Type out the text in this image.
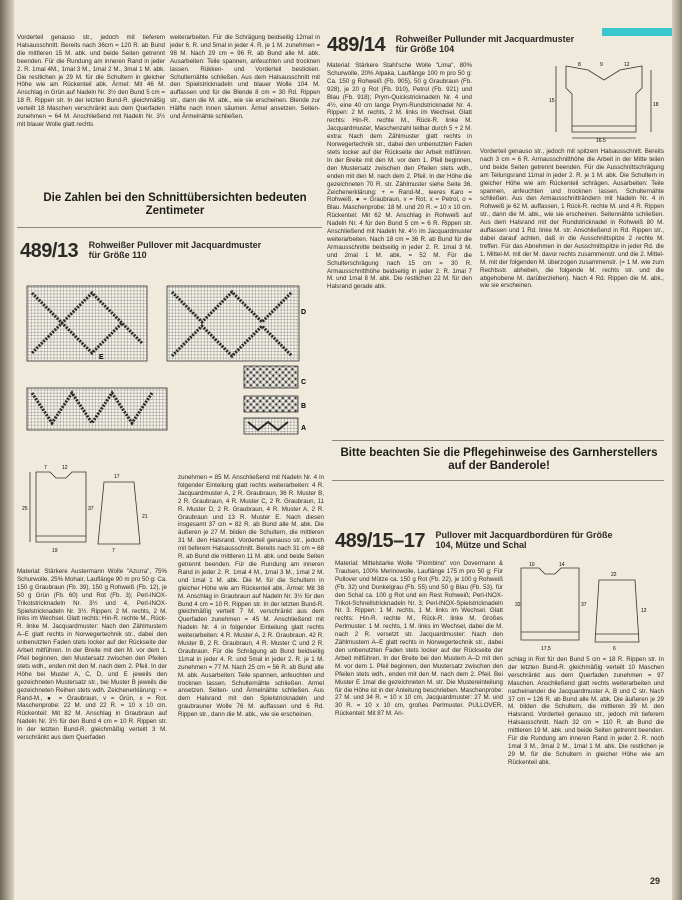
Vorderteil genauso str., jedoch mit tieferem Halsausschnitt. Bereits nach 36cm = 120 R. ab Bund die mittleren 15 M. abk. und beide Seiten getrennt beenden. Für die Rundung am inneren Rand in jeder 2. R. 1mal 4M., 1mal 3 M., 1mal 2 M., 3mal 1 M. abk. Die restlichen je 29 M. für die Schultern in gleicher Höhe wie am Rückenteil abk. Ärmel: Mit 46 M. Anschlag in Grün auf Nadeln Nr. 3½ den Bund 5 cm = 18 R. Rippen str. In der letzten Bund-R. gleichmäßig verteilt 18 Maschen verschränkt aus dem Querfaden zunehmen = 64 M. Anschließend mit Nadeln Nr. 3½ mit blauer Wolle glatt rechts

weiterarbeiten. Für die Schrägung beidseitig 12mal in jeder 6. R. und 5mal in jeder 4. R. je 1 M. zunehmen = 98 M. Nach 29 cm = 96 R. ab Bund alle M. abk. Ausarbeiten: Teile spannen, anfeuchten und trocknen lassen. Rükken- und Vorderteil besticken. Schulternähte schließen. Aus dem Halsausschnitt mit den Spielstricknadeln und blauer Wolle 104 M. auffassen und für die Blende 8 cm = 30 Rd. Rippen str., dann die M. abk., wie sie erscheinen. Blende zur Hälfte nach innen säumen. Ärmel ansetzen. Seiten- und Ärmelnähte schließen.

489/14 Rohweißer Pullunder mit Jacquardmuster für Größe 104
8	9	12
15
18
16,5

Material: Stärkere Stahl'sche Wolle "Lima", 80% Schurwolle, 20% Alpaka, Lauflänge 100 m pro 50 g: Ca. 150 g Rohweiß (Fb. 905), 50 g Graubraun (Fb. 928), je 20 g Rot (Fb. 910), Petrol (Fb. 921) und Blau (Fb. 918); Prym-Quickstricknadeln Nr. 4 und 4½, eine 40 cm lange Prym-Rundstricknadel Nr. 4. Rippen: 2 M. rechts, 2 M. links im Wechsel. Glatt rechts: Hin-R. rechte M., Rück-R. linke M. Jacquardmuster, Maschenzahl teilbar durch 5 + 2 M. extra: Nach dem Zählmuster glatt rechts in Norwegertechnik str., dabei den unbenutzten Faden stets locker auf der Rückseite der Arbeit mitführen. In der Breite mit den M. vor dem 1. Pfeil beginnen, den Mustersatz zwischen den Pfeilen stets wdh., enden mit den M. nach dem 2. Pfeil. In der Höhe die gezeichneten 70 R. str. Zählmuster siehe Seite 36. Zeichenerklärung: + = Rand-M., leeres Karo = Rohweiß, ● = Graubraun, v = Rot, x = Petrol, o = Blau. Maschenprobe: 18 M. und 20 R. = 10 x 10 cm. Rückenteil: Mit 62 M. Anschlag in Rohweiß auf Nadeln Nr. 4 für den Bund 5 cm = 6 R. Rippen str. Anschließend mit Nadeln Nr. 4½ im Jacquardmuster weiterarbeiten. Nach 18 cm = 36 R. ab Bund für die Armausschnitte beidseitig in jeder 2. R. 1mal 3 M. und 2mal 1 M. abk. = 52 M. Für die Schulterschrägung nach 15 cm = 30 R. Armausschnitthöhe beidseitig in jeder 2. R. 1mal 7 M. und 1mal 8 M. abk. Die restlichen 22 M. für den Halsrand gerade abk.

Vorderteil genauso str., jedoch mit spitzem Halsausschnitt. Bereits nach 3 cm = 6 R. Armausschnitthöhe die Arbeit in der Mitte teilen und beide Seiten getrennt beenden. Für die Ausschnittschrägung am Teilungsrand 11mal in jeder 2. R. je 1 M. abk. Die Schultern in gleicher Höhe wie am Rückenteil schrägen. Ausarbeiten: Teile spannen, anfeuchten und trocknen lassen. Schulternähte schließen. Aus den Armausschnitträndern mit Nadeln Nr. 4 in Rohweiß je 62 M. auffassen, 1 Rück-R. rechte M. und 4 R. Rippen str., dann die M. abk., wie sie erscheinen. Seitennähte schließen. Aus dem Halsrand mit der Rundstricknadel in Rohweiß 80 M. auffassen und 1 Rd. linke M. str. Anschließend in Rd. Rippen str., dabei darauf achten, daß in die Ausschnittspitze 2 rechte M. treffen. Für das Abnehmen in der Ausschnittspitze in jeder Rd. die 1. Mittel-M. mit der M. davor rechts zusammenstr. und die 2. Mittel-M. mit der folgenden M. überzogen zusammenstr. (= 1 M. wie zum Rechtsstr. abheben, die folgende M. rechts str. und die abgehobene M. darüberziehen). Nach 4 Rd. Rippen die M. abk., wie sie erscheinen.

Die Zahlen bei den Schnittübersichten bedeuten Zentimeter
489/13 Rohweißer Pullover mit Jacquardmuster für Größe 110
E
D
C
B
A
7	12
25	37
19
17
21
7

Material: Stärkere Austermann Wolle "Azurra", 75% Schurwolle, 25% Mohair, Lauflänge 90 m pro 50 g: Ca. 150 g Graubraun (Fb. 39), 150 g Rohweiß (Fb. 12), je 50 g Grün (Fb. 60) und Rot (Fb. 3); Perl-INOX-Trikotstricknadeln Nr. 3½ und 4, Perl-INOX-Spielstricknadeln Nr. 3½. Rippen: 2 M. rechts, 2 M. links im Wechsel. Glatt rechts: Hin-R. rechte M., Rück-R. linke M. Jacquardmuster: Nach den Zählmustern A–E glatt rechts in Norwegertechnik str., dabei den unbenutzten Faden stets locker auf der Rückseite der Arbeit mitführen. In der Breite mit den M. vor dem 1. Pfeil beginnen, den Mustersatz zwischen den Pfeilen stets wdh., enden mit den M. nach dem 2. Pfeil. In der Höhe bei Muster A, C, D, und E jeweils den gezeichneten Mustersatz str., bei Muster B jeweils die gezeichneten Reihen stets wdh. Zeichenerklärung: ▫ = Rand-M., ● = Graubraun, v = Grün, x = Rot. Maschenprobe: 22 M. und 22 R. = 10 x 10 cm. Rückenteil: Mit 82 M. Anschlag in Graubraun auf Nadeln Nr. 3½ für den Bund 4 cm = 10 R. Rippen str. In der letzten Bund-R. gleichmäßig verteilt 3 M. verschränkt aus dem Querfaden

zunehmen = 85 M. Anschließend mit Nadeln Nr. 4 in folgender Einteilung glatt rechts weiterarbeiten: 4 R. Jacquardmuster A, 2 R. Graubraun, 36 R. Muster B, 2 R. Graubraun, 4 R. Muster C, 2 R. Graubraun, 11 R. Muster D, 2 R. Graubraun, 4 R. Muster A, 2 R. Graubraun und 13 R. Muster E. Nach diesen insgesamt 37 cm = 82 R. ab Bund alle M. abk. Die äußeren je 27 M. bilden die Schultern, die mittleren 31 M. den Halsrand. Vorderteil genauso str., jedoch mit tieferem Halsausschnitt. Bereits nach 31 cm = 68 R. ab Bund die mittleren 11 M. abk. und beide Seiten getrennt beenden. Für die Rundung am inneren Rand in jeder 2. R. 1mal 4 M., 1mal 3 M., 1mal 2 M. und 1mal 1 M. abk. Die M. für die Schultern in gleicher Höhe wie am Rückenteil abk. Ärmel: Mit 38 M. Anschlag in Graubraun auf Nadeln Nr. 3½ für den Bund 4 cm = 10 R. Rippen str. In der letzten Bund-R. gleichmäßig verteilt 7 M. verschränkt aus dem Querfaden zunehmen = 45 M. Anschließend mit Nadeln Nr. 4 in folgender Einteilung glatt rechts weiterarbeiten: 4 R. Muster A, 2 R. Graubraun, 42 R. Muster B, 2 R. Graubraun, 4 R. Muster C und 2 R. Graubraun. Für die Schrägung ab Bund beidseitig 11mal in jeder 4. R. und 5mal in jeder 2. R. je 1 M. zunehmen = 77 M. Nach 25 cm = 56 R. ab Bund alle M. abk. Ausarbeiten: Teile spannen, anfeuchten und trocknen lassen. Schulternähte schließen. Armel ansetzen. Seiten- und Ärmelnähte schließen. Aus dem Halsrand mit den Spielstricknadeln und graubrauner Wolle 76 M. auffassen und 6 Rd. Rippen str., dann die M. abk., wie sie erscheinen.

Bitte beachten Sie die Pflegehinweise des Garnherstellers auf der Banderole!
489/15–17 Pullover mit Jacquardbordüren für Größe 104, Mütze und Schal
10	14
32	37
17,5
22
12
6

Material: Mittelstarke Wolle "Piombino" von Dovermann & Traulsen, 100% Merinowolle, Lauflänge 175 m pro 50 g: Für Pullover und Mütze ca. 150 g Rot (Fb. 22), je 100 g Rohweiß (Fb. 32) und Dunkelgrau (Fb. 55) und 50 g Blau (Fb. 53), für den Schal ca. 100 g Rot und ein Rest Rohweiß; Perl-INOX-Trikot-Schnellstricknadeln Nr. 3; Perl-INOX-Spielstricknadeln Nr. 3. Rippen: 1 M. rechts, 1 M. links im Wechsel. Glatt rechts: Hin-R. rechte M., Rück-R. linke M. Großes Perlmuster: 1 M. rechts, 1 M. links im Wechsel, dabei die M. nach 2 R. versetzt str. Jacquardmuster: Nach den Zählmustern A–E glatt rechts in Norwegertechnik str., dabei den unbenutzten Faden stets locker auf der Rückseite der Arbeit mitführen. In der Breite bei den Mustern A–D mit den M. vor dem 1. Pfeil beginnen, den Mustersatz zwischen den Pfeilen stets wdh., enden mit den M. nach dem 2. Pfeil. Bei Muster E 1mal die gezeichneten M. str. Die Mustereinteilung für die Höhe ist in der Anleitung beschrieben. Maschenprobe: 27 M. und 34 R. = 10 x 10 cm, Jacquardmuster: 27 M. und 30 R. = 10 x 10 cm, großes Perlmuster. PULLOVER, Rückenteil: Mit 87 M. An-

schlag in Rot für den Bund 5 cm = 18 R. Rippen str. In der letzten Bund-R. gleichmäßig verteilt 10 Maschen verschränkt aus dem Querfaden zunehmen = 97 Maschen. Anschließend glatt rechts weiterarbeiten und nacheinander die Jacquardmuster A, B und C str. Nach 37 cm = 126 R. ab Bund alle M. abk. Die äußeren je 29 M. bilden die Schultern, die mittleren 39 M. den Halsrand. Vorderteil genauso str., jedoch mit tieferem Halsausschnitt. Nach 32 cm = 110 R. ab Bund die mittleren 19 M. abk. und beide Seiten getrennt beenden. Für die Rundung am inneren Rand in jeder 2. R. noch 1mal 3 M., 3mal 2 M., 1mal 1 M. abk. Die restlichen je 29 M. für die Schultern in gleicher Höhe wie am Rückenteil abk.

29
